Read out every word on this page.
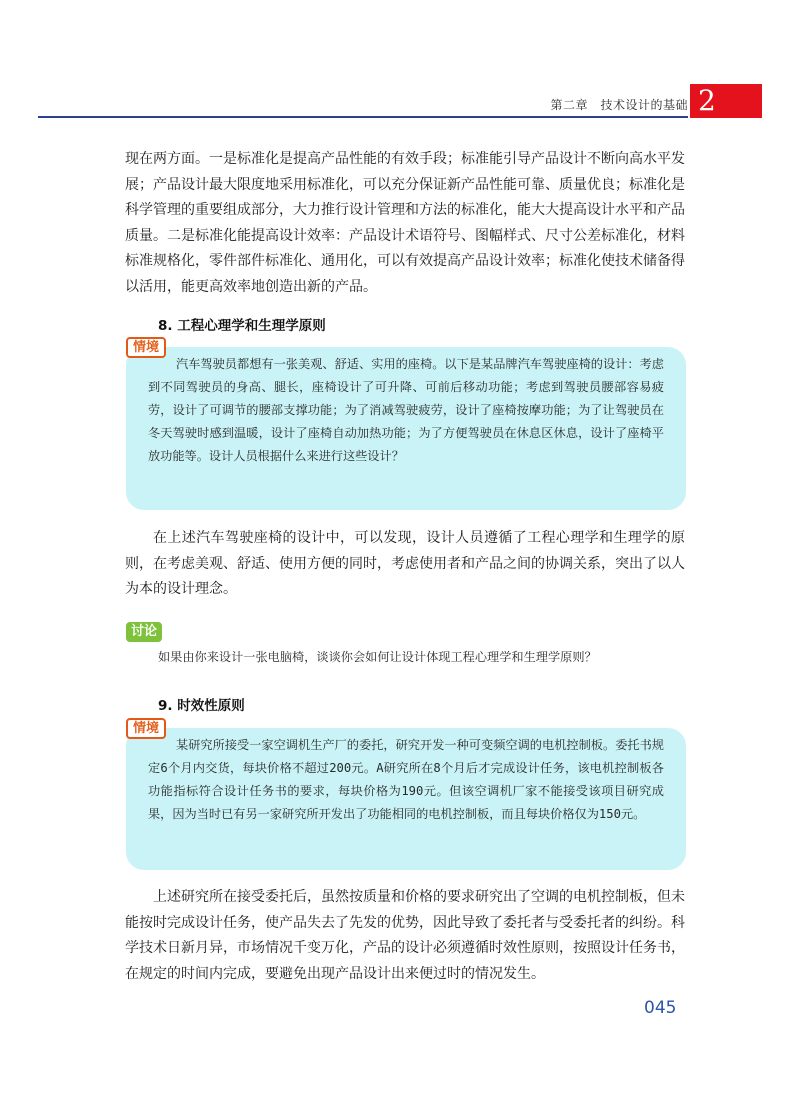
第二章　技术设计的基础 2

现在两方面。一是标准化是提高产品性能的有效手段；标准能引导产品设计不断向高水平发展；产品设计最大限度地采用标准化，可以充分保证新产品性能可靠、质量优良；标准化是科学管理的重要组成部分，大力推行设计管理和方法的标准化，能大大提高设计水平和产品质量。二是标准化能提高设计效率：产品设计术语符号、图幅样式、尺寸公差标准化，材料标准规格化，零件部件标准化、通用化，可以有效提高产品设计效率；标准化使技术储备得以活用，能更高效率地创造出新的产品。

8. 工程心理学和生理学原则

汽车驾驶员都想有一张美观、舒适、实用的座椅。以下是某品牌汽车驾驶座椅的设计：考虑到不同驾驶员的身高、腿长，座椅设计了可升降、可前后移动功能；考虑到驾驶员腰部容易疲劳，设计了可调节的腰部支撑功能；为了消减驾驶疲劳，设计了座椅按摩功能；为了让驾驶员在冬天驾驶时感到温暖，设计了座椅自动加热功能；为了方便驾驶员在休息区休息，设计了座椅平放功能等。设计人员根据什么来进行这些设计？

情境

在上述汽车驾驶座椅的设计中，可以发现，设计人员遵循了工程心理学和生理学的原则，在考虑美观、舒适、使用方便的同时，考虑使用者和产品之间的协调关系，突出了以人为本的设计理念。

讨论
如果由你来设计一张电脑椅，谈谈你会如何让设计体现工程心理学和生理学原则？
9. 时效性原则

某研究所接受一家空调机生产厂的委托，研究开发一种可变频空调的电机控制板。委托书规定6个月内交货，每块价格不超过200元。A研究所在8个月后才完成设计任务，该电机控制板各功能指标符合设计任务书的要求，每块价格为190元。但该空调机厂家不能接受该项目研究成果，因为当时已有另一家研究所开发出了功能相同的电机控制板，而且每块价格仅为150元。

情境

上述研究所在接受委托后，虽然按质量和价格的要求研究出了空调的电机控制板，但未能按时完成设计任务，使产品失去了先发的优势，因此导致了委托者与受委托者的纠纷。科学技术日新月异，市场情况千变万化，产品的设计必须遵循时效性原则，按照设计任务书，在规定的时间内完成，要避免出现产品设计出来便过时的情况发生。

045
